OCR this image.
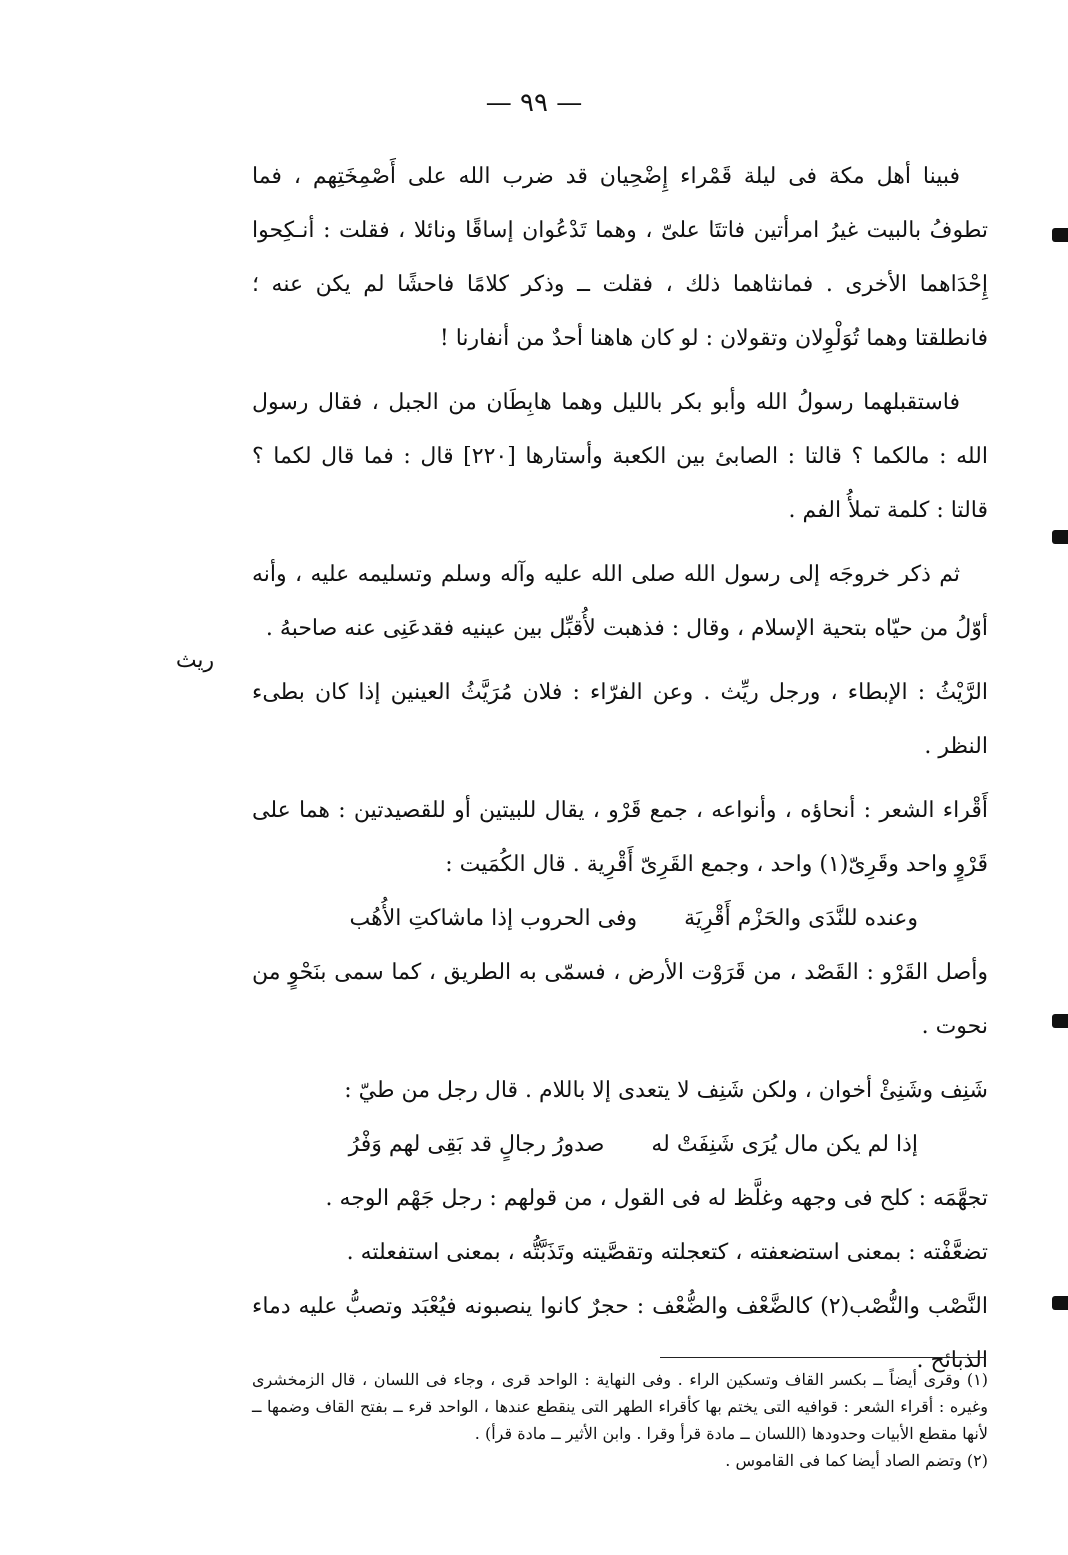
— ٩٩ —
ريث

فبينا أهل مكة فى ليلة قَمْراء إِضْحِيان قد ضرب الله على أَصْمِخَتِهم ، فما تطوفُ بالبيت غيرُ امرأتين فاتتَا علىّ ، وهما تَدْعُوان إساقًا ونائلا ، فقلت : أنـكِحوا إِحْدَاهما الأخرى . فمانثاهما ذلك ، فقلت ــ وذكر كلامًا فاحشًا لم يكن عنه ؛ فانطلقتا وهما تُوَلْوِلان وتقولان : لو كان هاهنا أحدٌ من أنفارنا !

فاستقبلهما رسولُ الله وأبو بكر بالليل وهما هابِطَان من الجبل ، فقال رسول الله : مالكما ؟ قالتا : الصابئ بين الكعبة وأستارها [٢٢٠] قال : فما قال لكما ؟ قالتا : كلمة تملأُ الفم .

ثم ذكر خروجَه إلى رسول الله صلى الله عليه وآله وسلم وتسليمه عليه ، وأنه أوّلُ من حيّاه بتحية الإسلام ، وقال : فذهبت لأُقبِّل بين عينيه فقدعَنِى عنه صاحبهُ .

الرَّيْثُ : الإبطاء ، ورجل ريِّث . وعن الفرّاء : فلان مُرَيَّثُ العينين إذا كان بطىء النظر .

أَقْراء الشعر : أنحاؤه ، وأنواعه ، جمع قَرْو ، يقال للبيتين أو للقصيدتين : هما على قَرْوٍ واحد وقَرِىّ(١) واحد ، وجمع القَرِىّ أَقْرِية . قال الكُمَيت :

وعنده للنَّدَى والحَزْم أَقْرِيَة وفى الحروب إذا ماشاكتِ الأُهُب

وأصل القَرْو : القَصْد ، من قَرَوْت الأرض ، فسمّى به الطريق ، كما سمى بنَحْوٍ من نحوت .

شَنِف وشَنِئْ أخوان ، ولكن شَنِف لا يتعدى إلا باللام . قال رجل من طيّ :

إذا لم يكن مال يُرَى شَنِفَتْ له صدورُ رجالٍ قد بَقِى لهم وَفْرُ

تجهَّمَه : كلح فى وجهه وغلَّظ له فى القول ، من قولهم : رجل جَهْم الوجه .

تضعَّفْته : بمعنى استضعفته ، كتعجلته وتقصَّيته وتَذَبَّتُّه ، بمعنى استفعلته .

النَّصْب والنُّصْب(٢) كالضَّعْف والضُّعْف : حجرٌ كانوا ينصبونه فيُعْبَد وتصبُّ عليه دماء الذبائح .

(١) وقرى أيضاً ــ بكسر القاف وتسكين الراء . وفى النهاية : الواحد قرى ، وجاء فى اللسان ، قال الزمخشرى وغيره : أقراء الشعر : قوافيه التى يختم بها كأقراء الطهر التى ينقطع عندها ، الواحد قرء ــ بفتح القاف وضمها ــ لأنها مقطع الأبيات وحدودها (اللسان ــ مادة قرأ وقرا . وابن الأثير ــ مادة قرأ) .

(٢) وتضم الصاد أيضا كما فى القاموس .
